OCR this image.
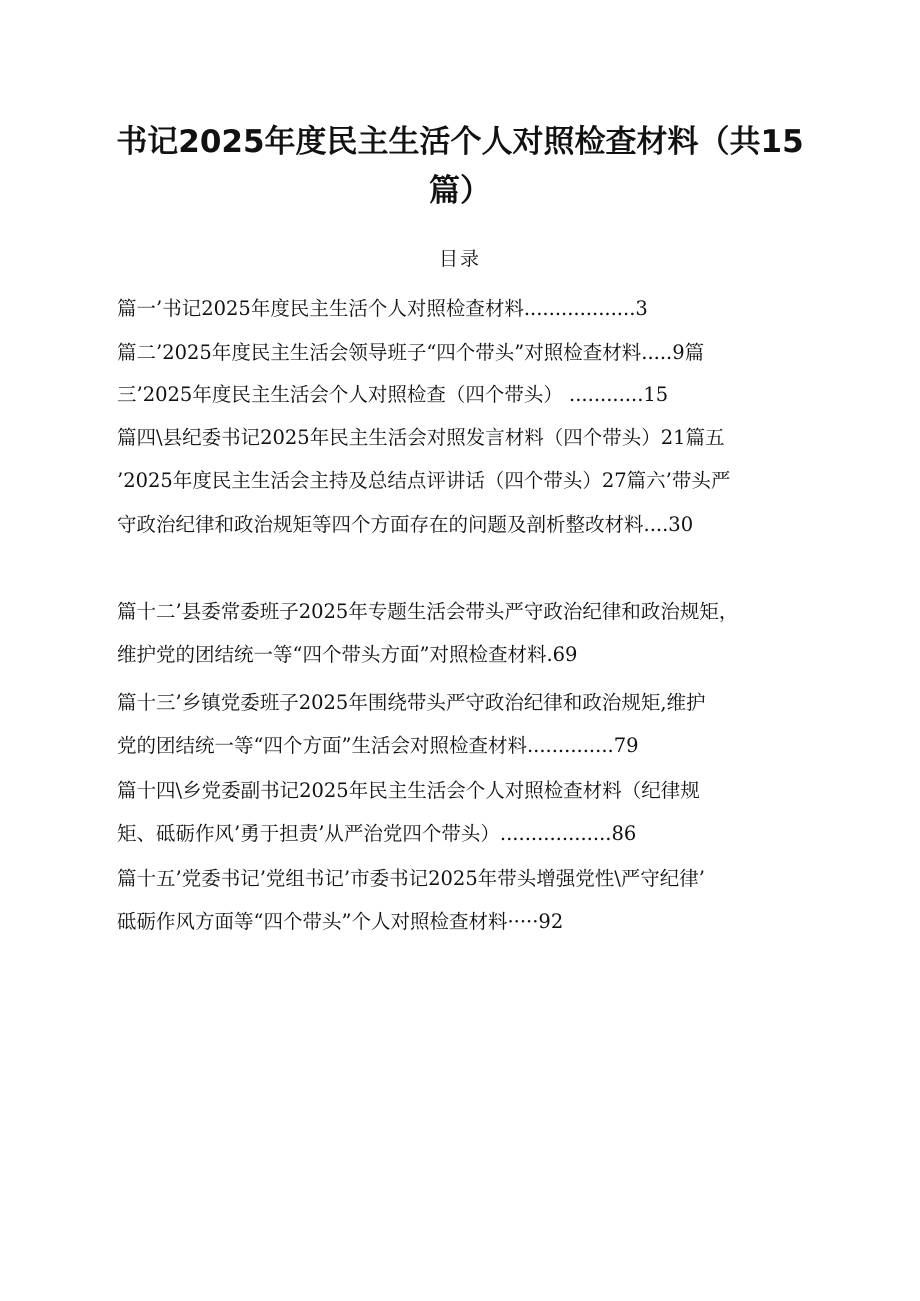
书记2025年度民主生活个人对照检查材料（共15
篇）
目录

篇一’书记2025年度民主生活个人对照检查材料..................3

篇二’2025年度民主生活会领导班子“四个带头”对照检查材料.....9篇

三’2025年度民主生活会个人对照检查（四个带头） ............15

篇四\县纪委书记2025年民主生活会对照发言材料（四个带头）21篇五

’2025年度民主生活会主持及总结点评讲话（四个带头）27篇六’带头严

守政治纪律和政治规矩等四个方面存在的问题及剖析整改材料....30

篇十二’县委常委班子2025年专题生活会带头严守政治纪律和政治规矩，

维护党的团结统一等“四个带头方面”对照检查材料.69

篇十三’乡镇党委班子2025年围绕带头严守政治纪律和政治规矩,维护

党的团结统一等“四个方面”生活会对照检查材料..............79

篇十四\乡党委副书记2025年民主生活会个人对照检查材料（纪律规

矩、砥砺作风’勇于担责’从严治党四个带头）..................86

篇十五’党委书记’党组书记’市委书记2025年带头增强党性\严守纪律’

砥砺作风方面等“四个带头”个人对照检查材料·····92
